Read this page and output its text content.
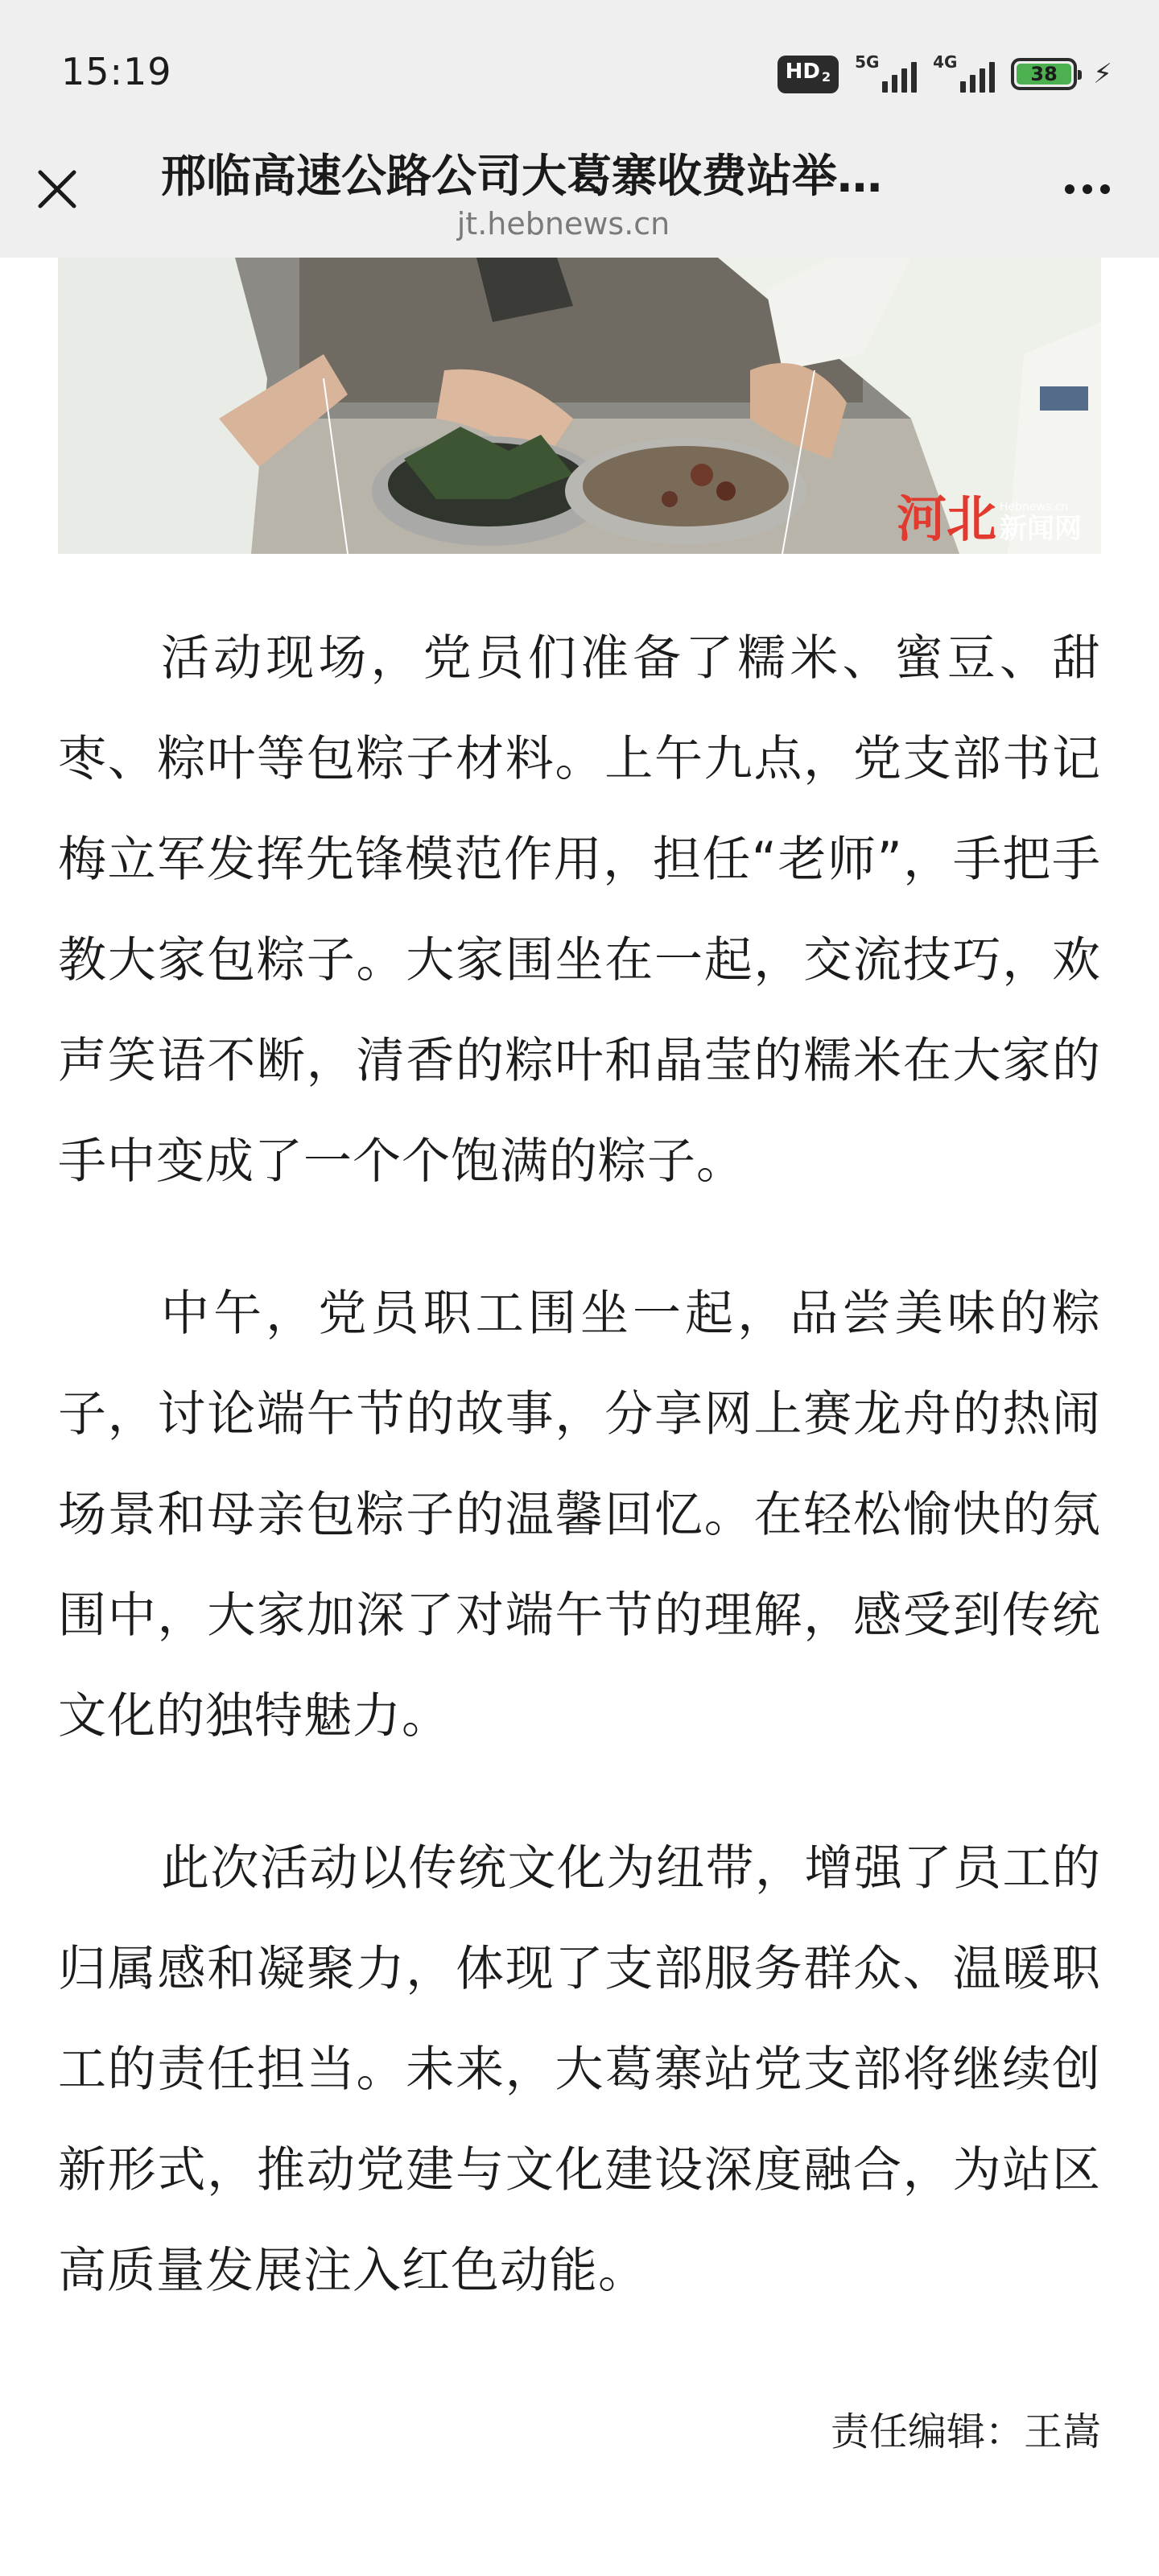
15:19	HD $_2$
5G	4G
38	⚡
邢临高速公路公司大葛寨收费站举…
jt.hebnews.cn
河北 Hebnews.cn
新闻网

活动现场，党员们准备了糯米、蜜豆、甜枣、粽叶等包粽子材料。上午九点，党支部书记梅立军发挥先锋模范作用，担任“老师”，手把手教大家包粽子。大家围坐在一起，交流技巧，欢声笑语不断，清香的粽叶和晶莹的糯米在大家的手中变成了一个个饱满的粽子。

中午，党员职工围坐一起，品尝美味的粽子，讨论端午节的故事，分享网上赛龙舟的热闹场景和母亲包粽子的温馨回忆。在轻松愉快的氛围中，大家加深了对端午节的理解，感受到传统文化的独特魅力。

此次活动以传统文化为纽带，增强了员工的归属感和凝聚力，体现了支部服务群众、温暖职工的责任担当。未来，大葛寨站党支部将继续创新形式，推动党建与文化建设深度融合，为站区高质量发展注入红色动能。

责任编辑：王嵩
